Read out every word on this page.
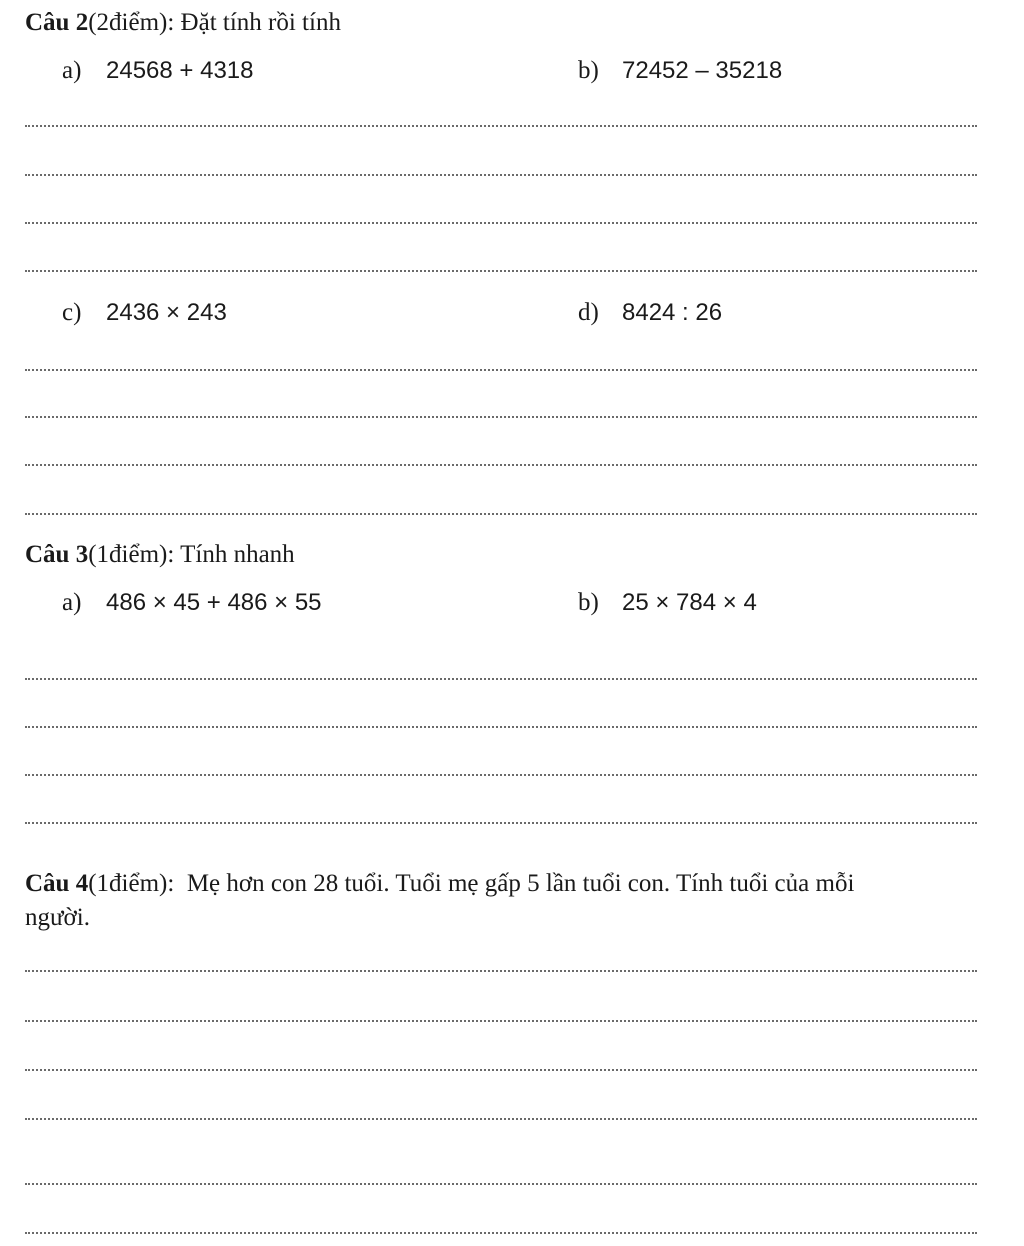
Câu 2(2điểm): Đặt tính rồi tính
a) 24568 + 4318	b) 72452 – 35218
c) 2436 × 243	d) 8424 : 26
Câu 3(1điểm): Tính nhanh
a) 486 × 45 + 486 × 55	b) 25 × 784 × 4
Câu 4(1điểm): Mẹ hơn con 28 tuổi. Tuổi mẹ gấp 5 lần tuổi con. Tính tuổi của mỗi
người.
